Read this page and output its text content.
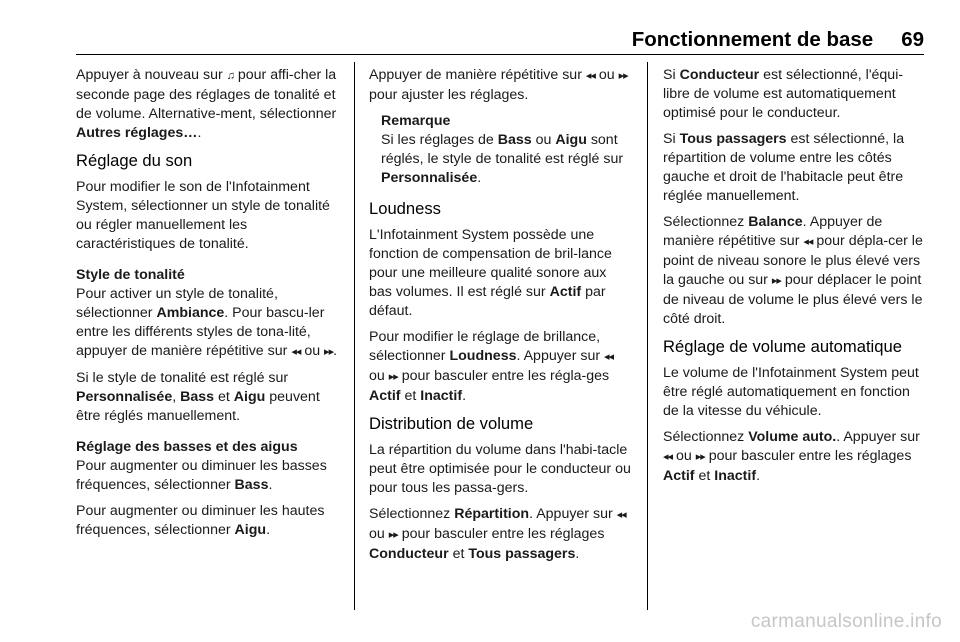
Fonctionnement de base 69

Appuyer à nouveau sur ♫ pour affi-cher la seconde page des réglages de tonalité et de volume. Alternative-ment, sélectionner Autres réglages….

Réglage du son

Pour modifier le son de l'Infotainment System, sélectionner un style de tonalité ou régler manuellement les caractéristiques de tonalité.

Style de tonalité

Pour activer un style de tonalité, sélectionner Ambiance. Pour bascu-ler entre les différents styles de tona-lité, appuyer de manière répétitive sur ◂◂ ou ▸▸.

Si le style de tonalité est réglé sur Personnalisée, Bass et Aigu peuvent être réglés manuellement.

Réglage des basses et des aigus

Pour augmenter ou diminuer les basses fréquences, sélectionner Bass.

Pour augmenter ou diminuer les hautes fréquences, sélectionner Aigu.

Appuyer de manière répétitive sur ◂◂ ou ▸▸ pour ajuster les réglages.

Remarque
Si les réglages de Bass ou Aigu sont réglés, le style de tonalité est réglé sur Personnalisée.
Loudness

L'Infotainment System possède une fonction de compensation de bril-lance pour une meilleure qualité sonore aux bas volumes. Il est réglé sur Actif par défaut.

Pour modifier le réglage de brillance, sélectionner Loudness. Appuyer sur ◂◂ ou ▸▸ pour basculer entre les régla-ges Actif et Inactif.

Distribution de volume

La répartition du volume dans l'habi-tacle peut être optimisée pour le conducteur ou pour tous les passa-gers.

Sélectionnez Répartition. Appuyer sur ◂◂ ou ▸▸ pour basculer entre les réglages Conducteur et Tous passagers.

Si Conducteur est sélectionné, l'équi-libre de volume est automatiquement optimisé pour le conducteur.

Si Tous passagers est sélectionné, la répartition de volume entre les côtés gauche et droit de l'habitacle peut être réglée manuellement.

Sélectionnez Balance. Appuyer de manière répétitive sur ◂◂ pour dépla-cer le point de niveau sonore le plus élevé vers la gauche ou sur ▸▸ pour déplacer le point de niveau de volume le plus élevé vers le côté droit.

Réglage de volume automatique

Le volume de l'Infotainment System peut être réglé automatiquement en fonction de la vitesse du véhicule.

Sélectionnez Volume auto.. Appuyer sur ◂◂ ou ▸▸ pour basculer entre les réglages Actif et Inactif.

carmanualsonline.info
